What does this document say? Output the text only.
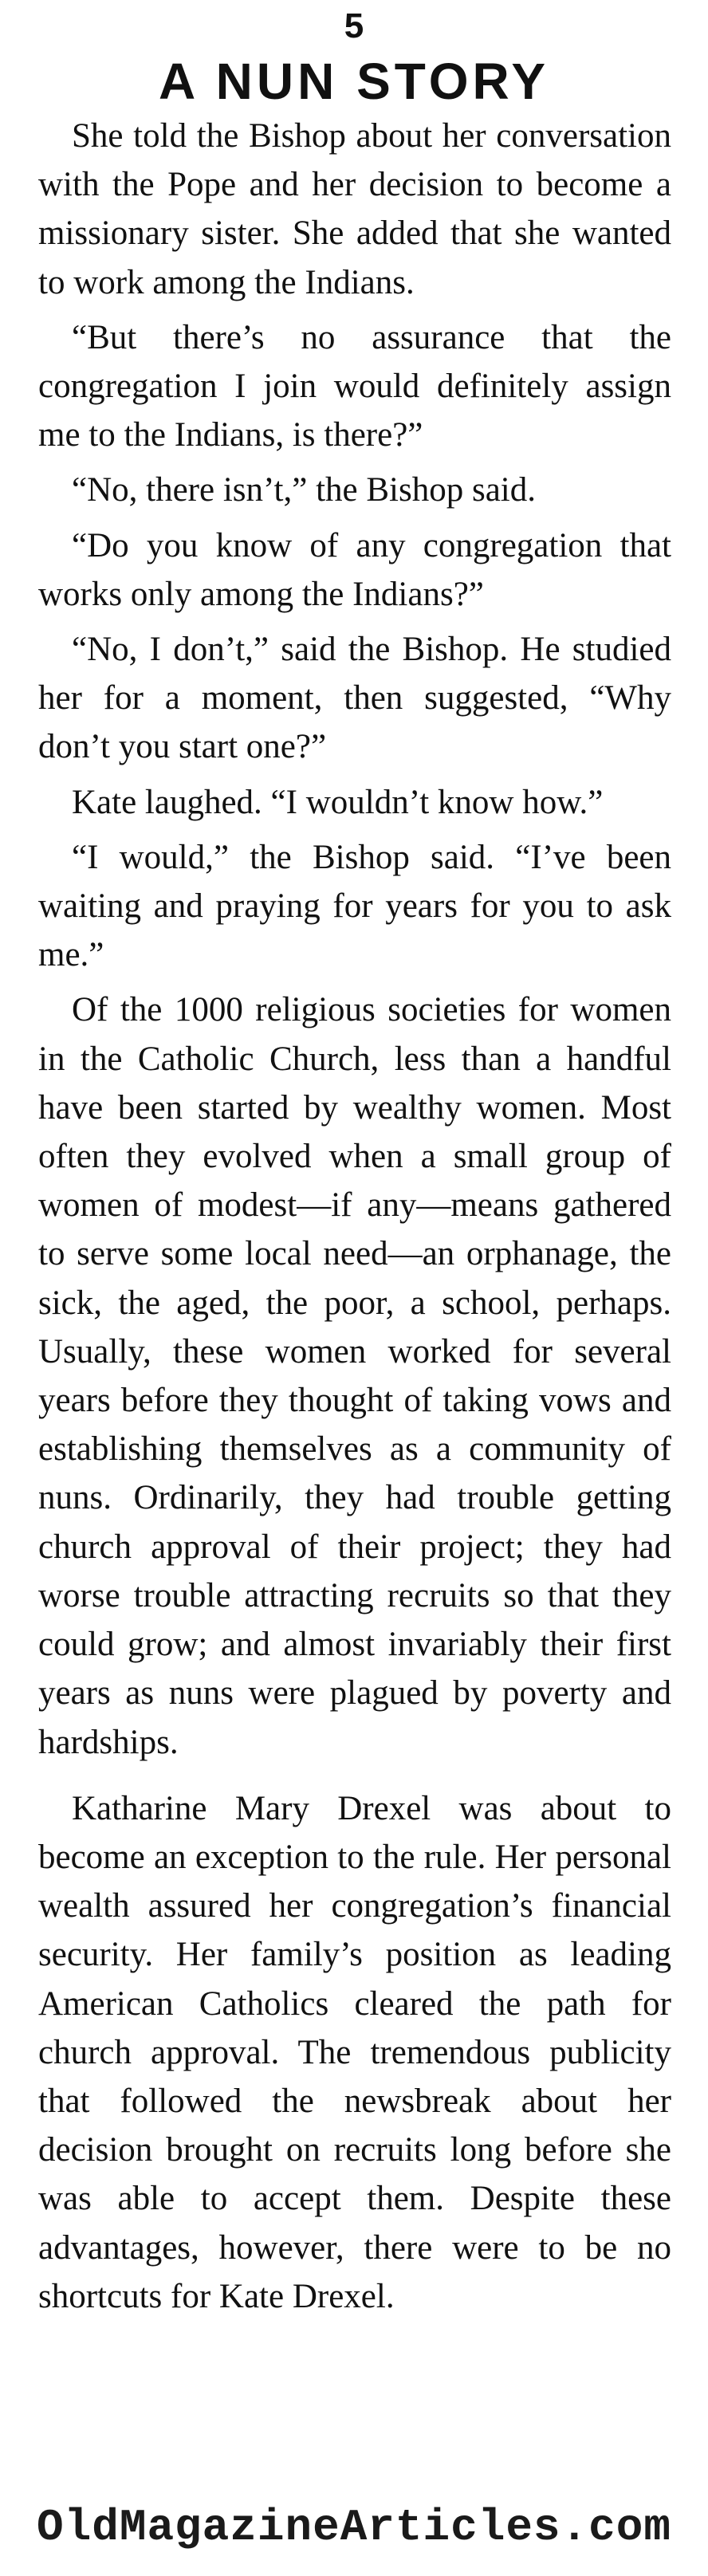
5
A NUN STORY

She told the Bishop about her conversation with the Pope and her decision to become a missionary sister. She added that she wanted to work among the Indians.

“But there’s no assurance that the congregation I join would definitely assign me to the Indians, is there?”

“No, there isn’t,” the Bishop said.

“Do you know of any congregation that works only among the Indians?”

“No, I don’t,” said the Bishop. He studied her for a moment, then suggested, “Why don’t you start one?”

Kate laughed. “I wouldn’t know how.”

“I would,” the Bishop said. “I’ve been waiting and praying for years for you to ask me.”

Of the 1000 religious societies for women in the Catholic Church, less than a handful have been started by wealthy women. Most often they evolved when a small group of women of modest—if any—means gathered to serve some local need—an orphanage, the sick, the aged, the poor, a school, perhaps. Usually, these women worked for several years before they thought of taking vows and establishing themselves as a community of nuns. Ordinarily, they had trouble getting church approval of their project; they had worse trouble attracting recruits so that they could grow; and almost invariably their first years as nuns were plagued by poverty and hardships.

Katharine Mary Drexel was about to become an exception to the rule. Her personal wealth assured her congregation’s financial security. Her family’s position as leading American Catholics cleared the path for church approval. The tremendous publicity that followed the newsbreak about her decision brought on recruits long before she was able to accept them. Despite these advantages, however, there were to be no shortcuts for Kate Drexel.

OldMagazineArticles.com
